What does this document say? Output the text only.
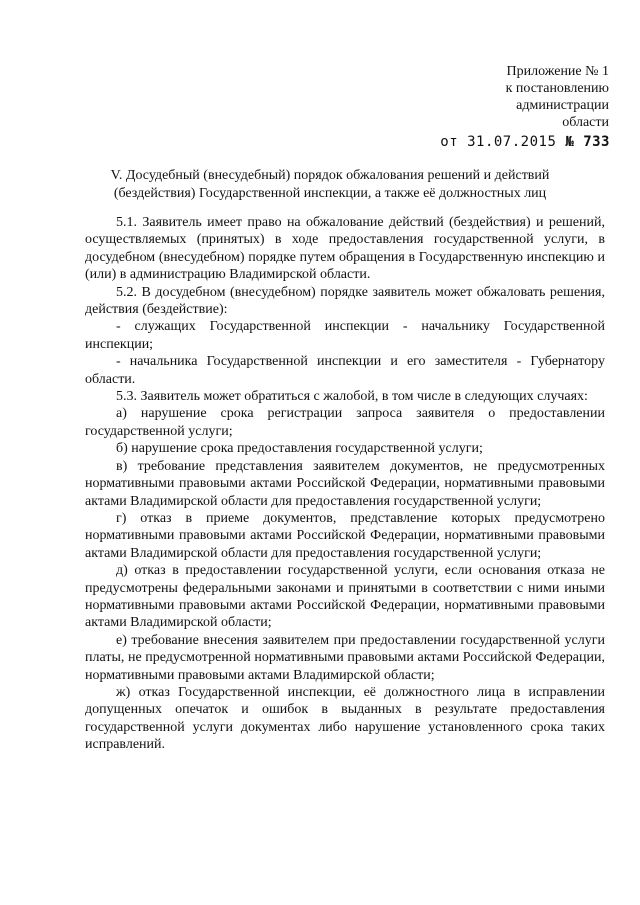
Приложение № 1
к постановлению
администрации
области
от 31.07.2015 № 733
V. Досудебный (внесудебный) порядок обжалования решений и действий
(бездействия) Государственной инспекции, а также её должностных лиц

5.1. Заявитель имеет право на обжалование действий (бездействия) и решений, осуществляемых (принятых) в ходе предоставления государственной услуги, в досудебном (внесудебном) порядке путем обращения в Государственную инспекцию и (или) в администрацию Владимирской области.

5.2. В досудебном (внесудебном) порядке заявитель может обжаловать решения, действия (бездействие):

- служащих Государственной инспекции - начальнику Государственной инспекции;

- начальника Государственной инспекции и его заместителя - Губернатору области.

5.3. Заявитель может обратиться с жалобой, в том числе в следующих случаях:

а) нарушение срока регистрации запроса заявителя о предоставлении государственной услуги;

б) нарушение срока предоставления государственной услуги;

в) требование представления заявителем документов, не предусмотренных нормативными правовыми актами Российской Федерации, нормативными правовыми актами Владимирской области для предоставления государственной услуги;

г) отказ в приеме документов, представление которых предусмотрено нормативными правовыми актами Российской Федерации, нормативными правовыми актами Владимирской области для предоставления государственной услуги;

д) отказ в предоставлении государственной услуги, если основания отказа не предусмотрены федеральными законами и принятыми в соответствии с ними иными нормативными правовыми актами Российской Федерации, нормативными правовыми актами Владимирской области;

е) требование внесения заявителем при предоставлении государственной услуги платы, не предусмотренной нормативными правовыми актами Российской Федерации, нормативными правовыми актами Владимирской области;

ж) отказ Государственной инспекции, её должностного лица в исправлении допущенных опечаток и ошибок в выданных в результате предоставления государственной услуги документах либо нарушение установленного срока таких исправлений.
